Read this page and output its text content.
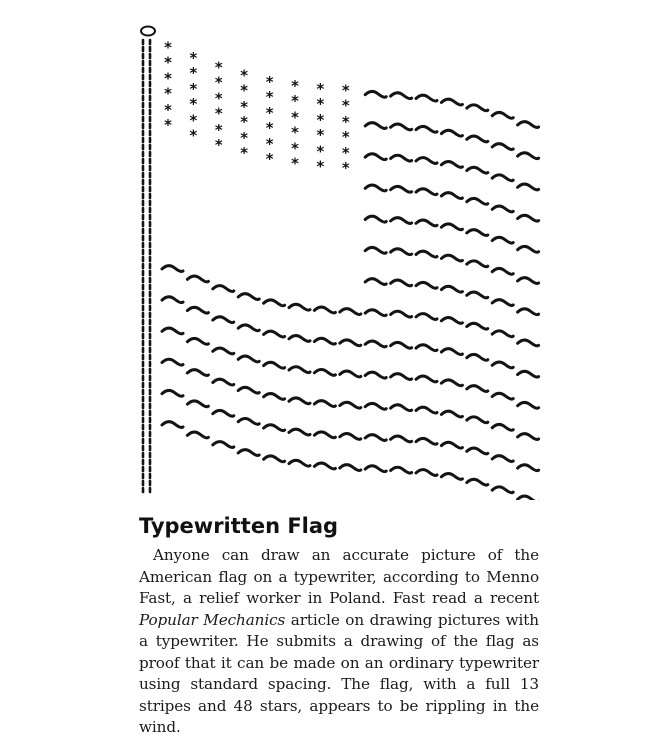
*
* *
* *
* *
* *
*
*
*
*
*
*
*
*
* *
* *
* *
* *
*
*
*
*
*
*
*
*
* *
* *
* *
* *
*
*
*
*
*
*
*
Typewritten Flag

Anyone can draw an accurate picture of the American flag on a typewriter, according to Menno Fast, a relief worker in Poland. Fast read a recent Popular Mechanics article on drawing pictures with a typewriter. He submits a drawing of the flag as proof that it can be made on an ordinary typewriter using standard spacing. The flag, with a full 13 stripes and 48 stars, appears to be rippling in the wind.
